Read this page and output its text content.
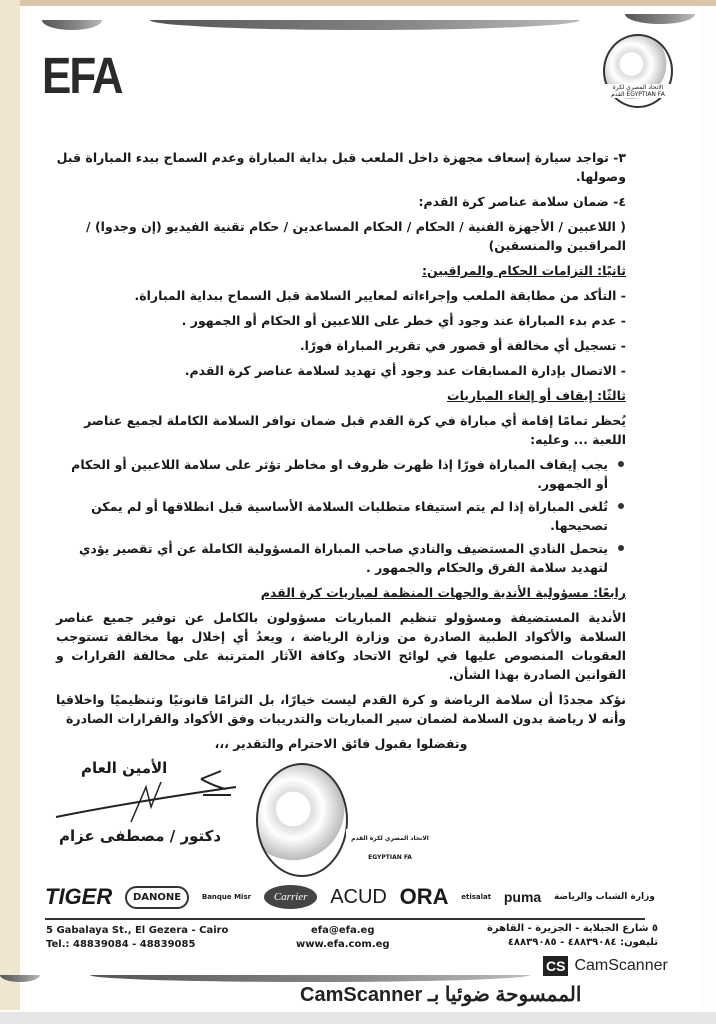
EFA	الاتحاد المصري لكرة القدم EGYPTIAN FA

٣- تواجد سيارة إسعاف مجهزة داخل الملعب قبل بداية المباراة وعدم السماح ببدء المباراة قبل وصولها.

٤- ضمان سلامة عناصر كرة القدم:

( اللاعبين / الأجهزة الفنية / الحكام / الحكام المساعدين / حكام تقنية الفيديو (إن وجدوا) / المراقبين والمنسقين)

ثانيًا: التزامات الحكام والمراقبين:

- التأكد من مطابقة الملعب وإجراءاته لمعايير السلامة قبل السماح ببداية المباراة.

- عدم بدء المباراة عند وجود أي خطر على اللاعبين أو الحكام أو الجمهور .

- تسجيل أي مخالفة أو قصور في تقرير المباراة فورًا.

- الاتصال بإدارة المسابقات عند وجود أي تهديد لسلامة عناصر كرة القدم.

ثالثًا: إيقاف أو إلغاء المباريات

يُحظر تمامًا إقامة أي مباراة في كرة القدم قبل ضمان توافر السلامة الكاملة لجميع عناصر اللعبة ... وعليه:

يجب إيقاف المباراة فورًا إذا ظهرت ظروف او مخاطر تؤثر على سلامة اللاعبين أو الحكام أو الجمهور.
تُلغى المباراة إذا لم يتم استيفاء متطلبات السلامة الأساسية قبل انطلاقها أو لم يمكن تصحيحها.
يتحمل النادي المستضيف والنادي صاحب المباراة المسؤولية الكاملة عن أي تقصير يؤدي لتهديد سلامة الفرق والحكام والجمهور .

رابعًا: مسؤولية الأندية والجهات المنظمة لمباريات كرة القدم

الأندية المستضيفة ومسؤولو تنظيم المباريات مسؤولون بالكامل عن توفير جميع عناصر السلامة والأكواد الطبية الصادرة من وزارة الرياضة ، ويعدُ أي إخلال بها مخالفة تستوجب العقوبات المنصوص عليها في لوائح الاتحاد وكافة الآثار المترتبة على مخالفة القرارات و القوانين الصادرة بهذا الشأن.

نؤكد مجددًا أن سلامة الرياضة و كرة القدم ليست خيارًا، بل التزامًا قانونيًا وتنظيميًا واخلاقيا وأنه لا رياضة بدون السلامة لضمان سير المباريات والتدريبات وفق الأكواد والقرارات الصادرة

وتفضلوا بقبول فائق الاحترام والتقدير ،،،

الأمين العام
دكتور / مصطفى عزام	الاتحاد المصري لكرة القدم EGYPTIAN FA
TIGER	DANONE	Banque Misr	Carrier	ACUD ORA etisalat puma وزارة الشباب والرياضة
5 Gabalaya St., El Gezera - Cairo
Tel.: 48839084 - 48839085
efa@efa.eg
www.efa.com.eg
٥ شارع الجبلاية - الجزيرة - القاهرة
تليفون: ٤٨٨٣٩٠٨٤ - ٤٨٨٣٩٠٨٥
CS CamScanner
الممسوحة ضوئيا بـ CamScanner
